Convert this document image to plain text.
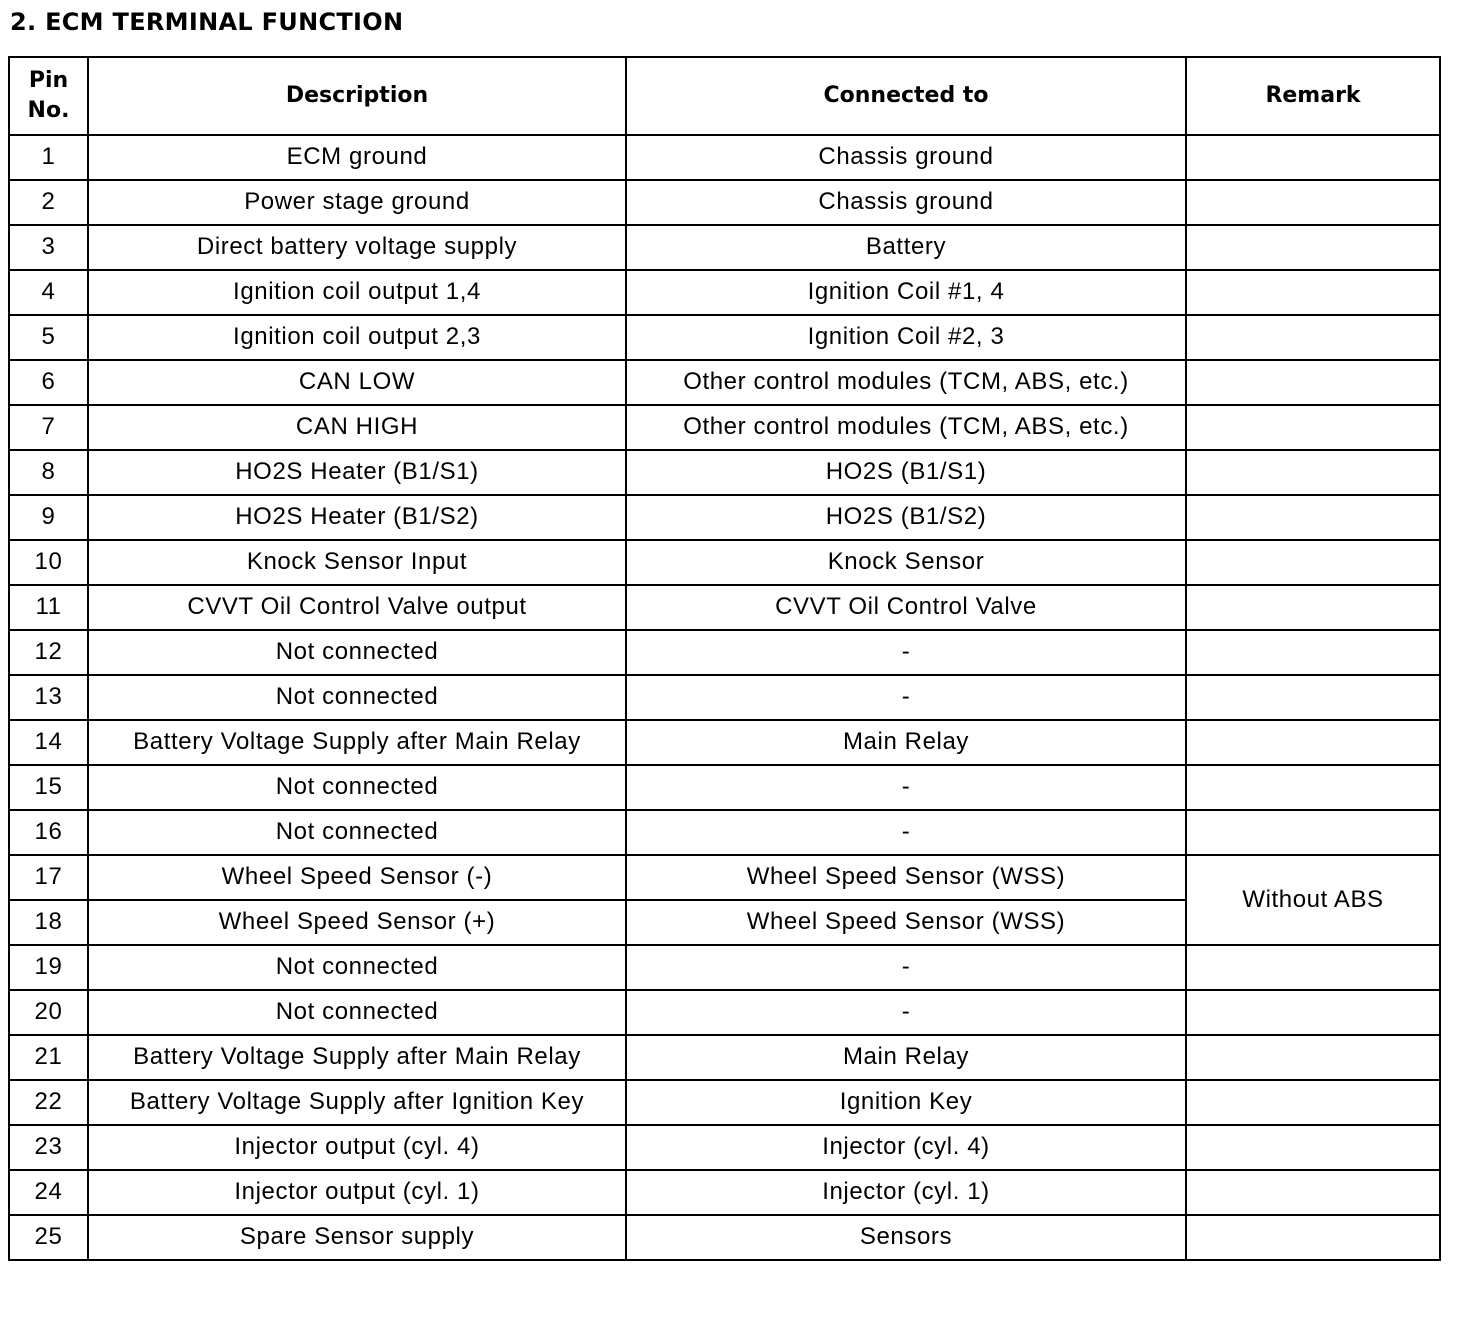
2. ECM TERMINAL FUNCTION
Pin
No.	Description	Connected to	Remark
1	ECM ground	Chassis ground	
2	Power stage ground	Chassis ground	
3	Direct battery voltage supply	Battery	
4	Ignition coil output 1,4	Ignition Coil #1, 4	
5	Ignition coil output 2,3	Ignition Coil #2, 3	
6	CAN LOW	Other control modules (TCM, ABS, etc.)	
7	CAN HIGH	Other control modules (TCM, ABS, etc.)	
8	HO2S Heater (B1/S1)	HO2S (B1/S1)	
9	HO2S Heater (B1/S2)	HO2S (B1/S2)	
10	Knock Sensor Input	Knock Sensor	
11	CVVT Oil Control Valve output	CVVT Oil Control Valve	
12	Not connected	-	
13	Not connected	-	
14	Battery Voltage Supply after Main Relay	Main Relay	
15	Not connected	-	
16	Not connected	-	
17	Wheel Speed Sensor (-)	Wheel Speed Sensor (WSS)	Without ABS
18	Wheel Speed Sensor (+)	Wheel Speed Sensor (WSS)	
19	Not connected	-	
20	Not connected	-	
21	Battery Voltage Supply after Main Relay	Main Relay	
22	Battery Voltage Supply after Ignition Key	Ignition Key	
23	Injector output (cyl. 4)	Injector (cyl. 4)	
24	Injector output (cyl. 1)	Injector (cyl. 1)	
25	Spare Sensor supply	Sensors	
